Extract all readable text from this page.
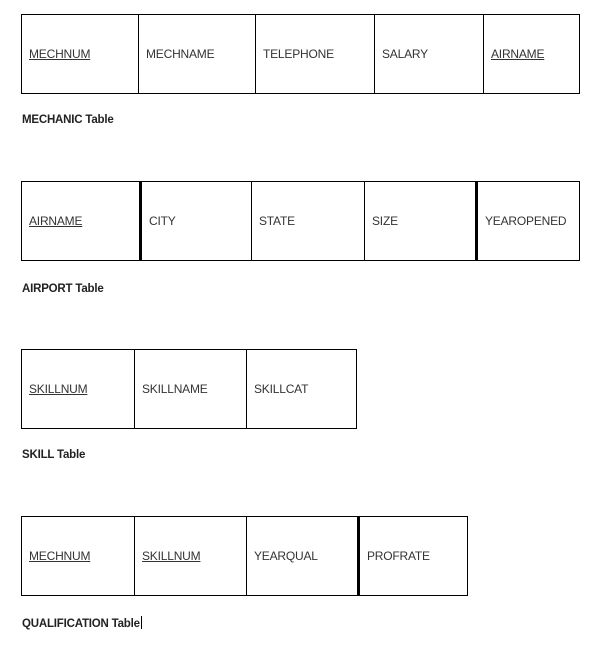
MECHNUM	MECHNAME	TELEPHONE	SALARY	AIRNAME
MECHANIC Table
AIRNAME	CITY	STATE	SIZE	YEAROPENED
AIRPORT Table
SKILLNUM	SKILLNAME	SKILLCAT
SKILL Table
MECHNUM	SKILLNUM	YEARQUAL	PROFRATE
QUALIFICATION Table
